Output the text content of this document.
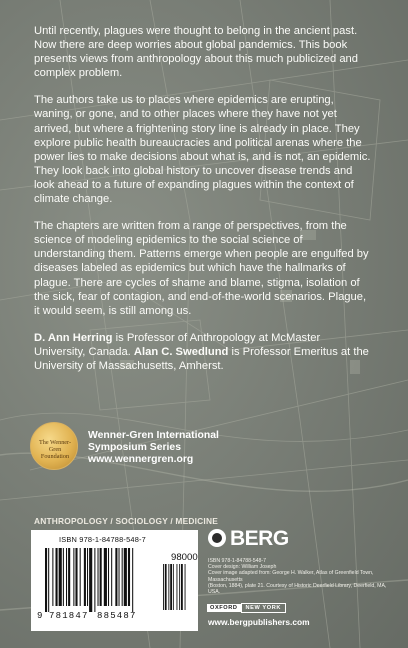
Until recently, plagues were thought to belong in the ancient past. Now there are deep worries about global pandemics. This book presents views from anthropology about this much publicized and complex problem.

The authors take us to places where epidemics are erupting, waning, or gone, and to other places where they have not yet arrived, but where a frightening story line is already in place. They explore public health bureaucracies and political arenas where the power lies to make decisions about what is, and is not, an epidemic. They look back into global history to uncover disease trends and look ahead to a future of expanding plagues within the context of climate change.

The chapters are written from a range of perspectives, from the science of modeling epidemics to the social science of understanding them. Patterns emerge when people are engulfed by diseases labeled as epidemics but which have the hallmarks of plague. There are cycles of shame and blame, stigma, isolation of the sick, fear of contagion, and end-of-the-world scenarios. Plague, it would seem, is still among us.

D. Ann Herring is Professor of Anthropology at McMaster University, Canada. Alan C. Swedlund is Professor Emeritus at the University of Massachusetts, Amherst.

The Wenner-Gren Foundation
Wenner-Gren International
Symposium Series
www.wennergren.org
ANTHROPOLOGY / SOCIOLOGY / MEDICINE
ISBN 978-1-84788-548-7
9 781847 885487
98000
BERG
ISBN 978-1-84788-548-7
Cover design: William Joseph
Cover image adapted from: George H. Walker, Atlas of Greenfield Town, Massachusetts
(Boston, 1884), plate 21. Courtesy of Historic Deerfield Library, Deerfield, MA, USA.
OXFORD	NEW YORK
www.bergpublishers.com
